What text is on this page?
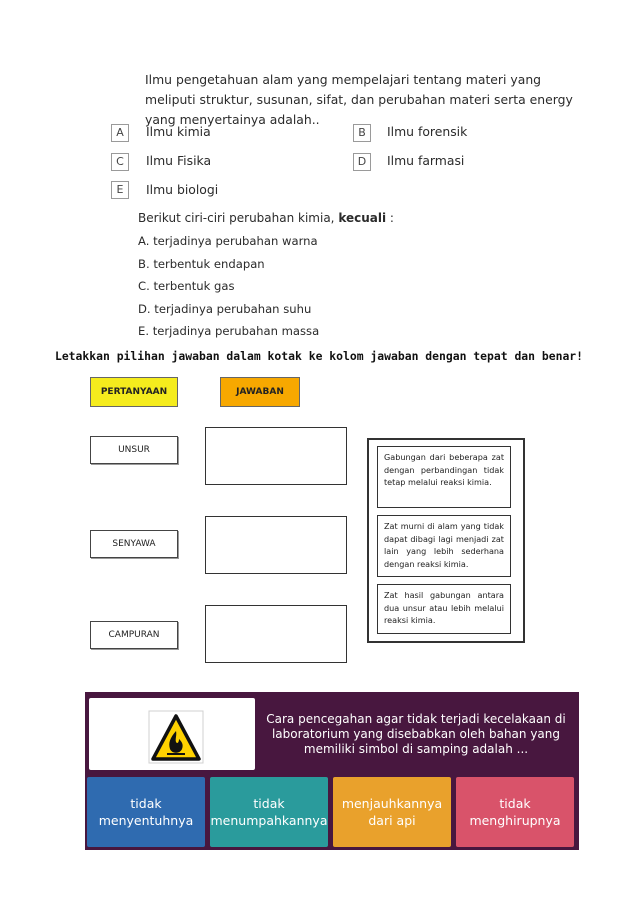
Ilmu pengetahuan alam yang mempelajari tentang materi yang meliputi struktur, susunan, sifat, dan perubahan materi serta energy yang menyertainya adalah..
A	Ilmu kimia	B	Ilmu forensik
C	Ilmu Fisika	D	Ilmu farmasi
E	Ilmu biologi
Berikut ciri-ciri perubahan kimia, kecuali :
A. terjadinya perubahan warna
B. terbentuk endapan
C. terbentuk gas
D. terjadinya perubahan suhu
E. terjadinya perubahan massa
Letakkan pilihan jawaban dalam kotak ke kolom jawaban dengan tepat dan benar!
PERTANYAAN	JAWABAN
UNSUR
SENYAWA
CAMPURAN
Gabungan dari beberapa zat dengan perbandingan tidak tetap melalui reaksi kimia.
Zat murni di alam yang tidak dapat dibagi lagi menjadi zat lain yang lebih sederhana dengan reaksi kimia.
Zat hasil gabungan antara dua unsur atau lebih melalui reaksi kimia.
Cara pencegahan agar tidak terjadi kecelakaan di laboratorium yang disebabkan oleh bahan yang memiliki simbol di samping adalah ...
tidak menyentuhnya
tidak menumpahkannya
menjauhkannya dari api
tidak menghirupnya
